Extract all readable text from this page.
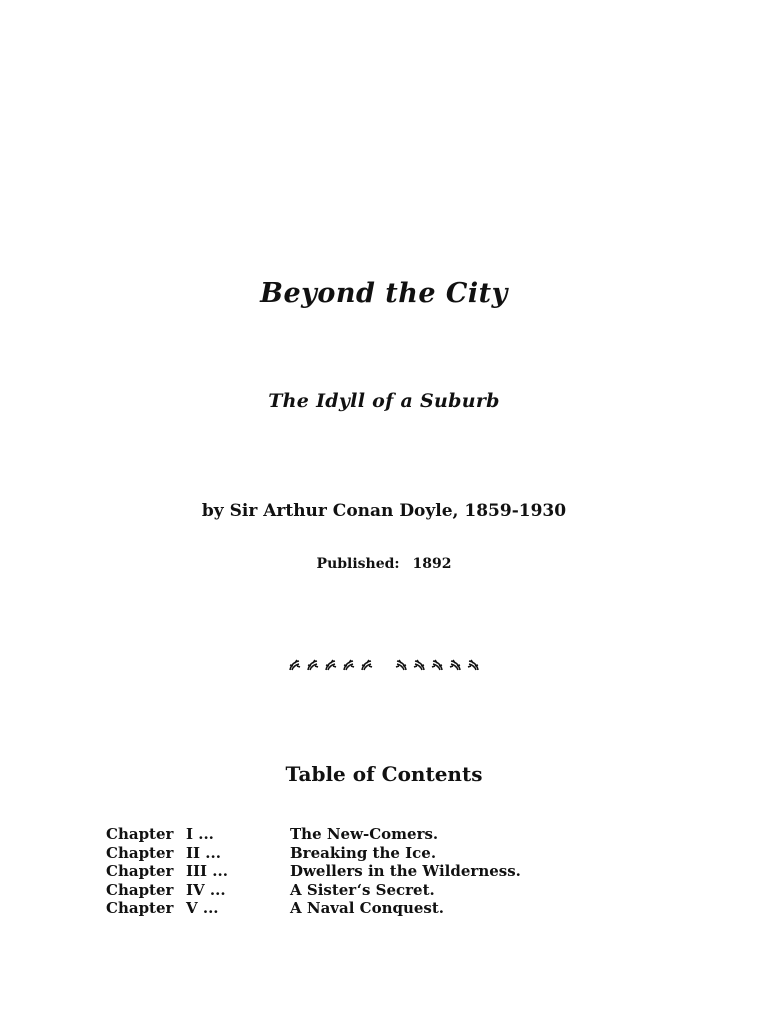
Beyond the City
The Idyll of a Suburb
by Sir Arthur Conan Doyle, 1859-1930
Published: 1892
Table of Contents
Chapter I ...	The New-Comers.
Chapter II ...	Breaking the Ice.
Chapter III ...	Dwellers in the Wilderness.
Chapter IV ...	A Sister‘s Secret.
Chapter V ...	A Naval Conquest.
